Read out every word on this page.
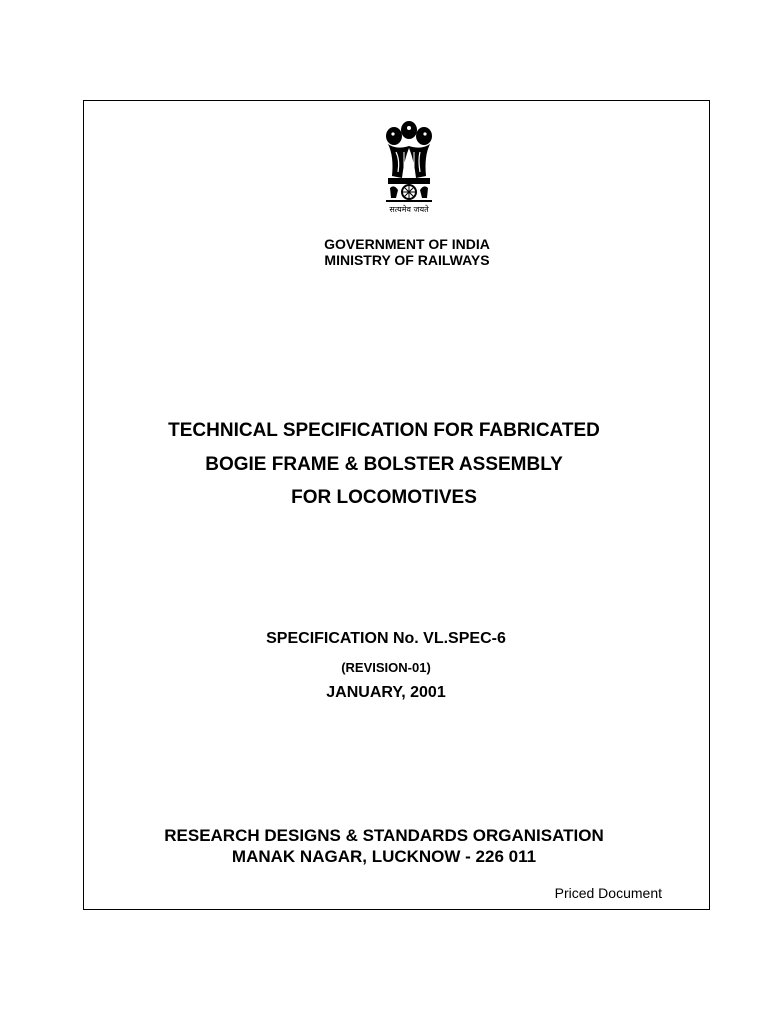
सत्यमेव जयते
GOVERNMENT OF INDIA
MINISTRY OF RAILWAYS
TECHNICAL SPECIFICATION FOR FABRICATED
BOGIE FRAME & BOLSTER ASSEMBLY
FOR LOCOMOTIVES
SPECIFICATION No. VL.SPEC-6
(REVISION-01)
JANUARY, 2001
RESEARCH DESIGNS & STANDARDS ORGANISATION
MANAK NAGAR, LUCKNOW - 226 011
Priced Document
